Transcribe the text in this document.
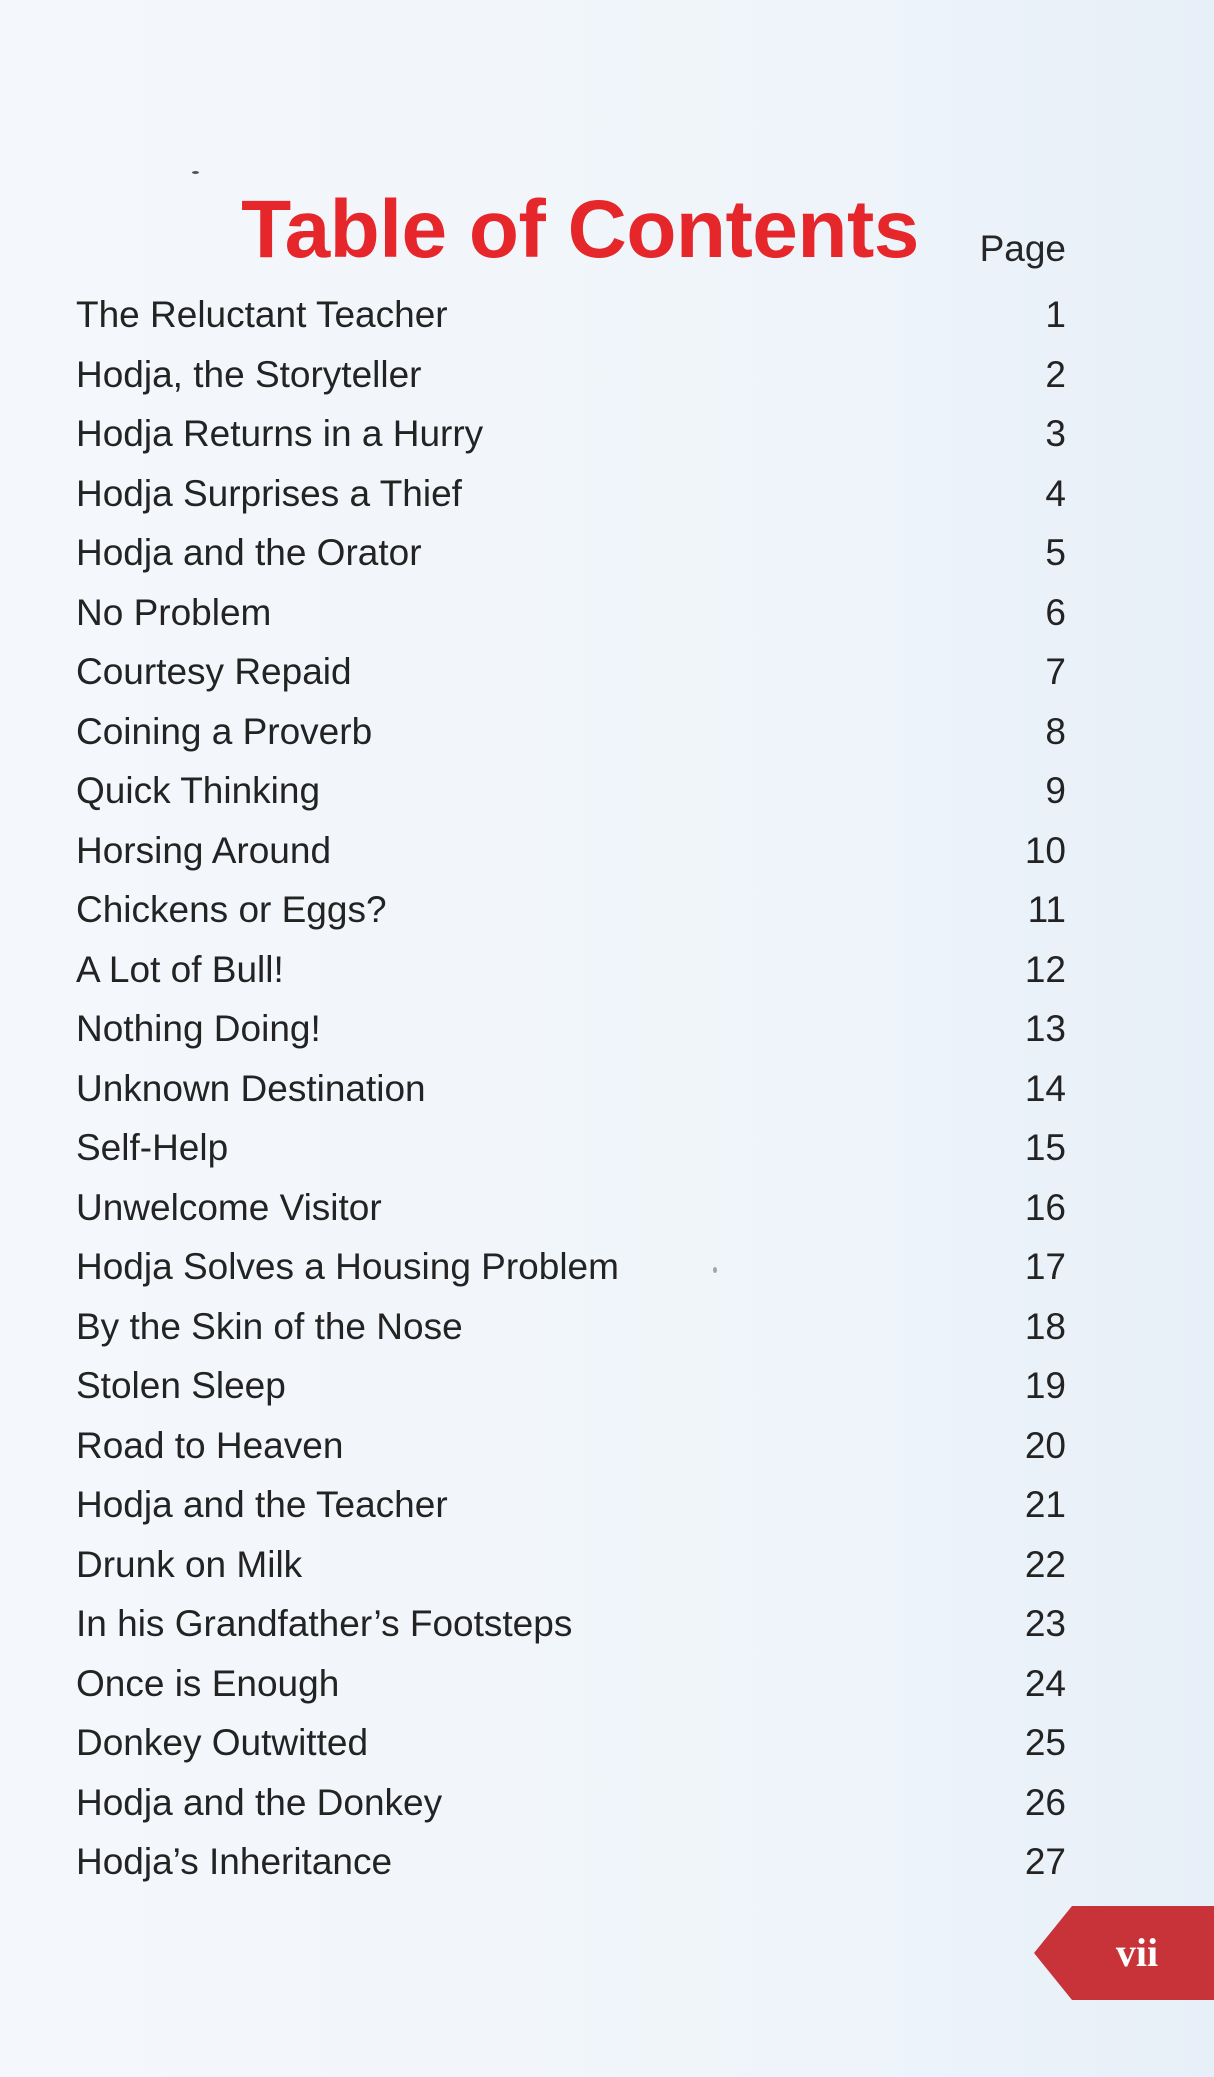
Table of Contents	Page
The Reluctant Teacher	1
Hodja, the Storyteller	2
Hodja Returns in a Hurry	3
Hodja Surprises a Thief	4
Hodja and the Orator	5
No Problem	6
Courtesy Repaid	7
Coining a Proverb	8
Quick Thinking	9
Horsing Around	10
Chickens or Eggs?	11
A Lot of Bull!	12
Nothing Doing!	13
Unknown Destination	14
Self-Help	15
Unwelcome Visitor	16
Hodja Solves a Housing Problem	17
By the Skin of the Nose	18
Stolen Sleep	19
Road to Heaven	20
Hodja and the Teacher	21
Drunk on Milk	22
In his Grandfather’s Footsteps	23
Once is Enough	24
Donkey Outwitted	25
Hodja and the Donkey	26
Hodja’s Inheritance	27
vii
